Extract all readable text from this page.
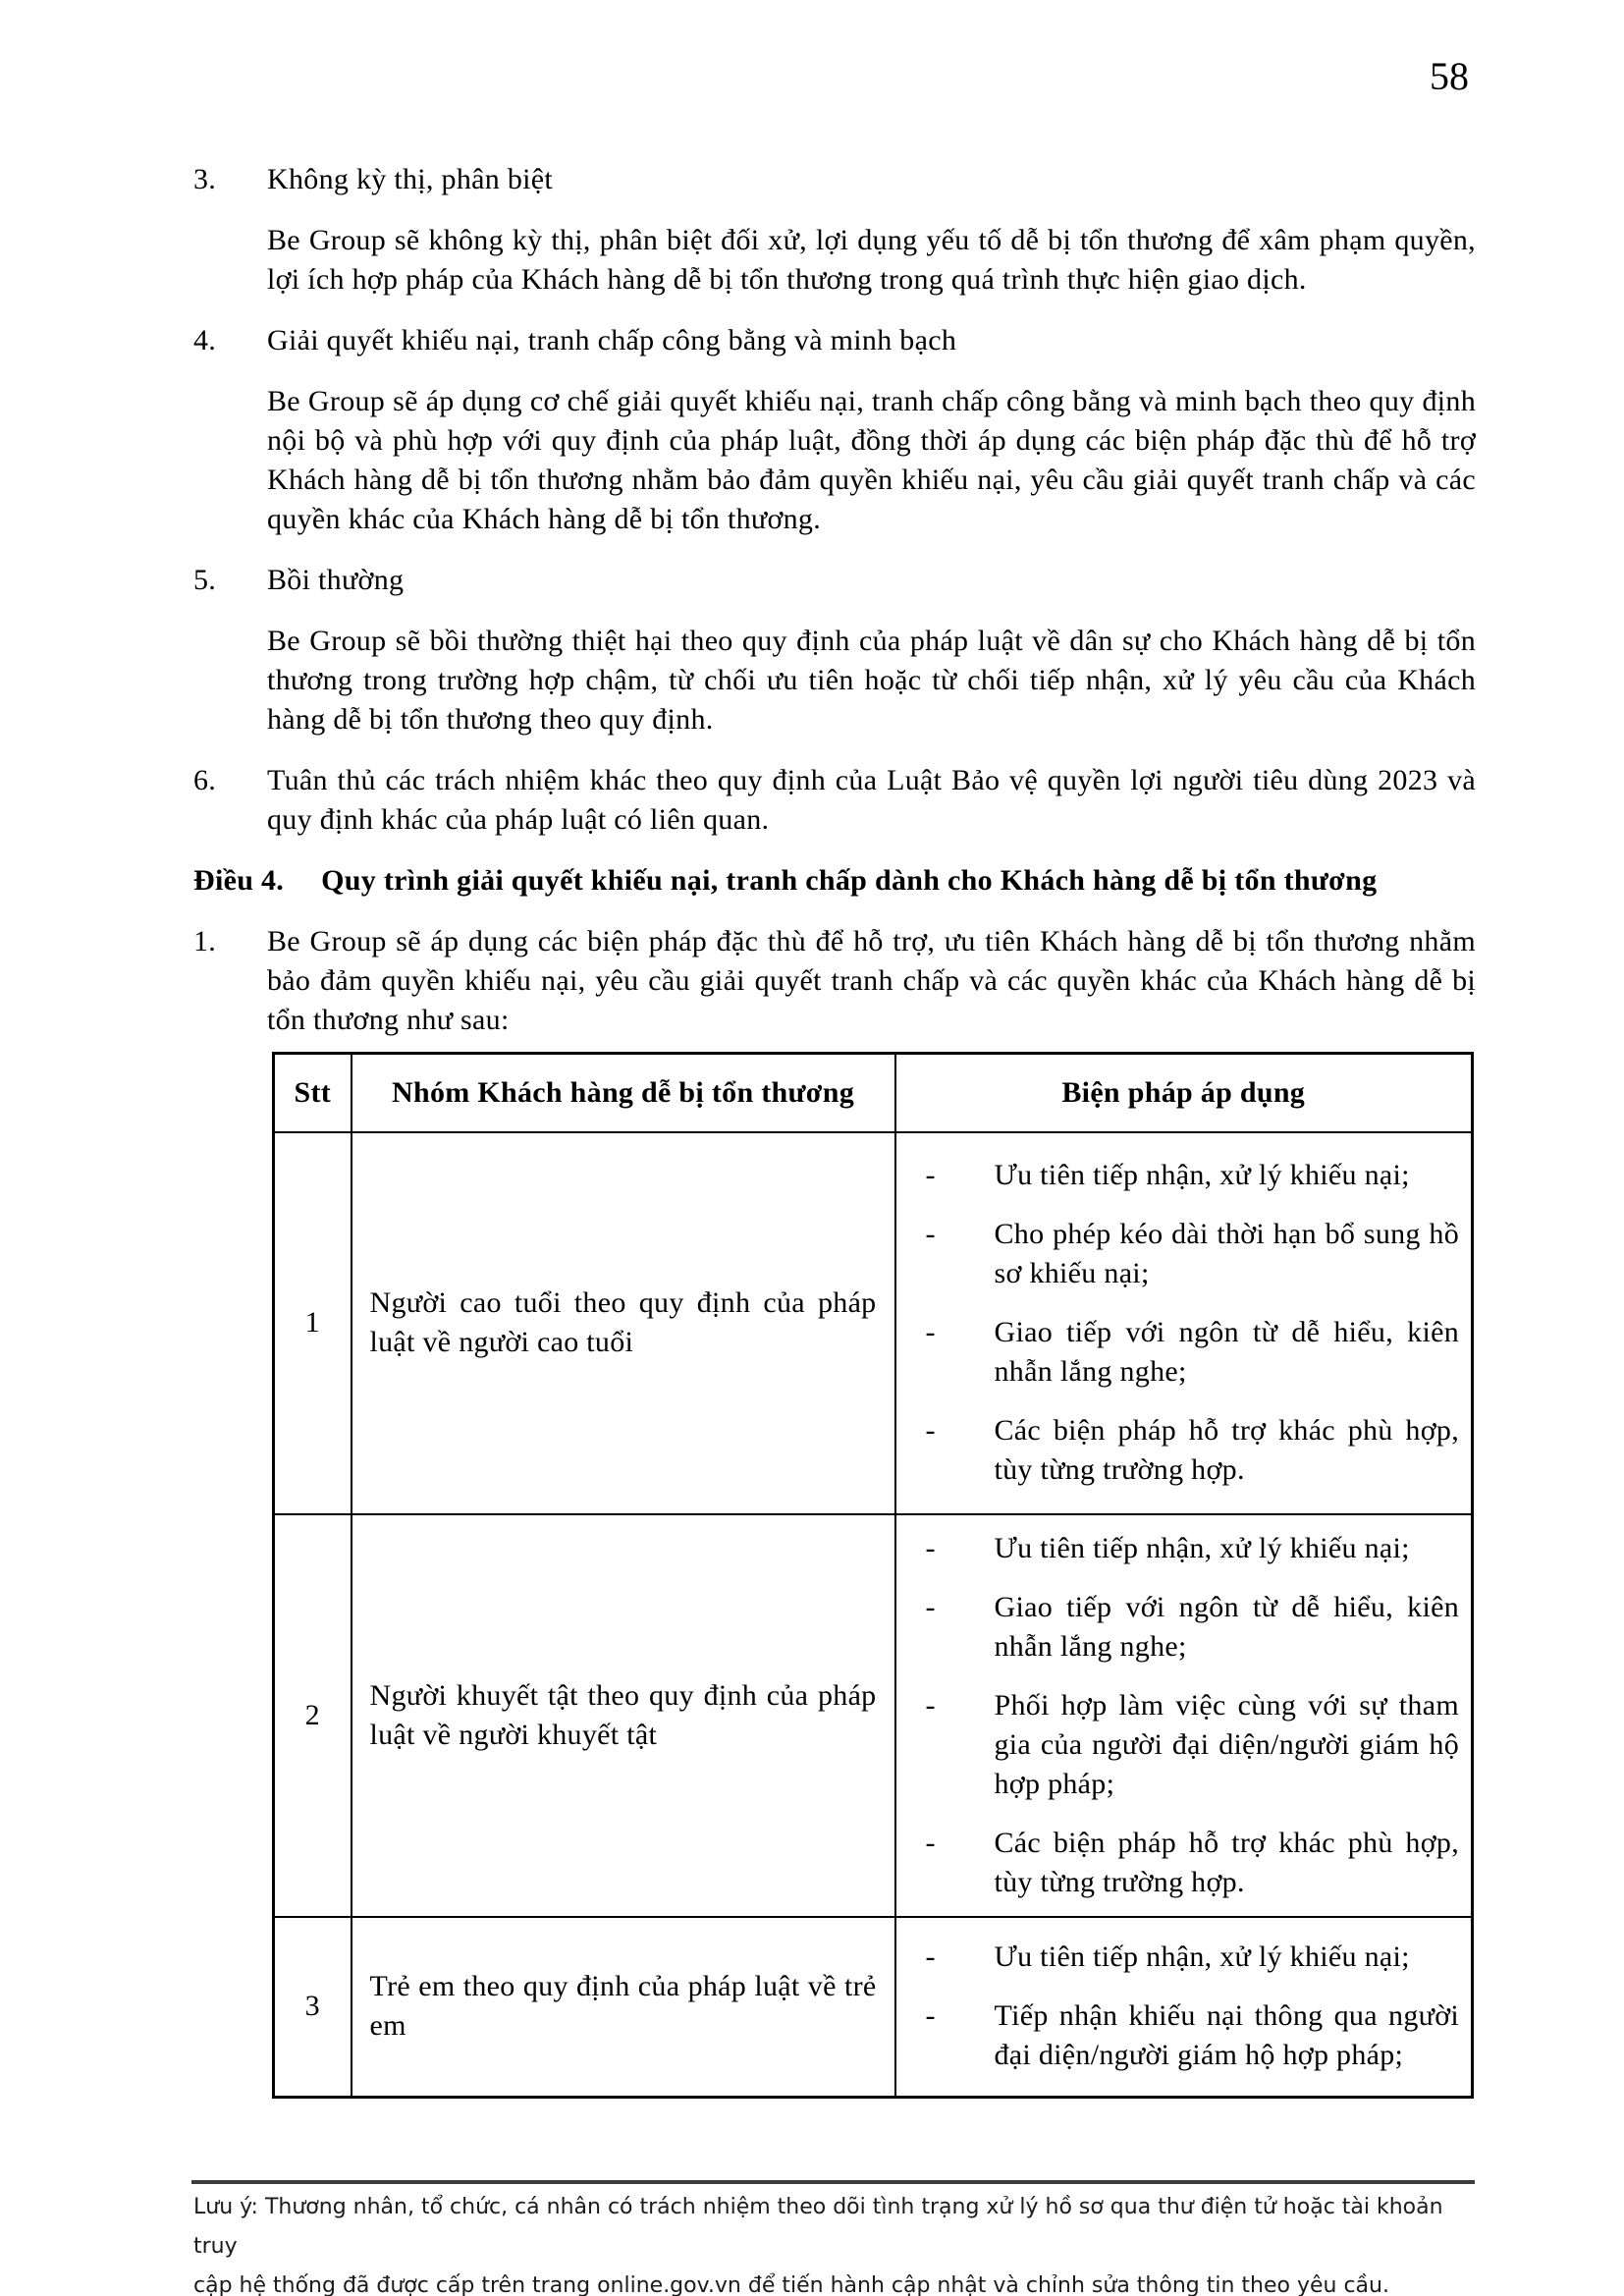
58
3. Không kỳ thị, phân biệt

Be Group sẽ không kỳ thị, phân biệt đối xử, lợi dụng yếu tố dễ bị tổn thương để xâm phạm quyền, lợi ích hợp pháp của Khách hàng dễ bị tổn thương trong quá trình thực hiện giao dịch.

4. Giải quyết khiếu nại, tranh chấp công bằng và minh bạch

Be Group sẽ áp dụng cơ chế giải quyết khiếu nại, tranh chấp công bằng và minh bạch theo quy định nội bộ và phù hợp với quy định của pháp luật, đồng thời áp dụng các biện pháp đặc thù để hỗ trợ Khách hàng dễ bị tổn thương nhằm bảo đảm quyền khiếu nại, yêu cầu giải quyết tranh chấp và các quyền khác của Khách hàng dễ bị tổn thương.

5. Bồi thường

Be Group sẽ bồi thường thiệt hại theo quy định của pháp luật về dân sự cho Khách hàng dễ bị tổn thương trong trường hợp chậm, từ chối ưu tiên hoặc từ chối tiếp nhận, xử lý yêu cầu của Khách hàng dễ bị tổn thương theo quy định.

6. Tuân thủ các trách nhiệm khác theo quy định của Luật Bảo vệ quyền lợi người tiêu dùng 2023 và quy định khác của pháp luật có liên quan.

Điều 4. Quy trình giải quyết khiếu nại, tranh chấp dành cho Khách hàng dễ bị tổn thương
1. Be Group sẽ áp dụng các biện pháp đặc thù để hỗ trợ, ưu tiên Khách hàng dễ bị tổn thương nhằm bảo đảm quyền khiếu nại, yêu cầu giải quyết tranh chấp và các quyền khác của Khách hàng dễ bị tổn thương như sau:

Stt	Nhóm Khách hàng dễ bị tổn thương	Biện pháp áp dụng
1	Người cao tuổi theo quy định của pháp luật về người cao tuổi	
- Ưu tiên tiếp nhận, xử lý khiếu nại;
- Cho phép kéo dài thời hạn bổ sung hồ sơ khiếu nại;
- Giao tiếp với ngôn từ dễ hiểu, kiên nhẫn lắng nghe;
- Các biện pháp hỗ trợ khác phù hợp, tùy từng trường hợp.

2	Người khuyết tật theo quy định của pháp luật về người khuyết tật	
- Ưu tiên tiếp nhận, xử lý khiếu nại;
- Giao tiếp với ngôn từ dễ hiểu, kiên nhẫn lắng nghe;
- Phối hợp làm việc cùng với sự tham gia của người đại diện/người giám hộ hợp pháp;
- Các biện pháp hỗ trợ khác phù hợp, tùy từng trường hợp.

3	Trẻ em theo quy định của pháp luật về trẻ em	- Ưu tiên tiếp nhận, xử lý khiếu nại;
- Tiếp nhận khiếu nại thông qua người đại diện/người giám hộ hợp pháp;
Lưu ý: Thương nhân, tổ chức, cá nhân có trách nhiệm theo dõi tình trạng xử lý hồ sơ qua thư điện tử hoặc tài khoản truy
cập hệ thống đã được cấp trên trang online.gov.vn để tiến hành cập nhật và chỉnh sửa thông tin theo yêu cầu.
